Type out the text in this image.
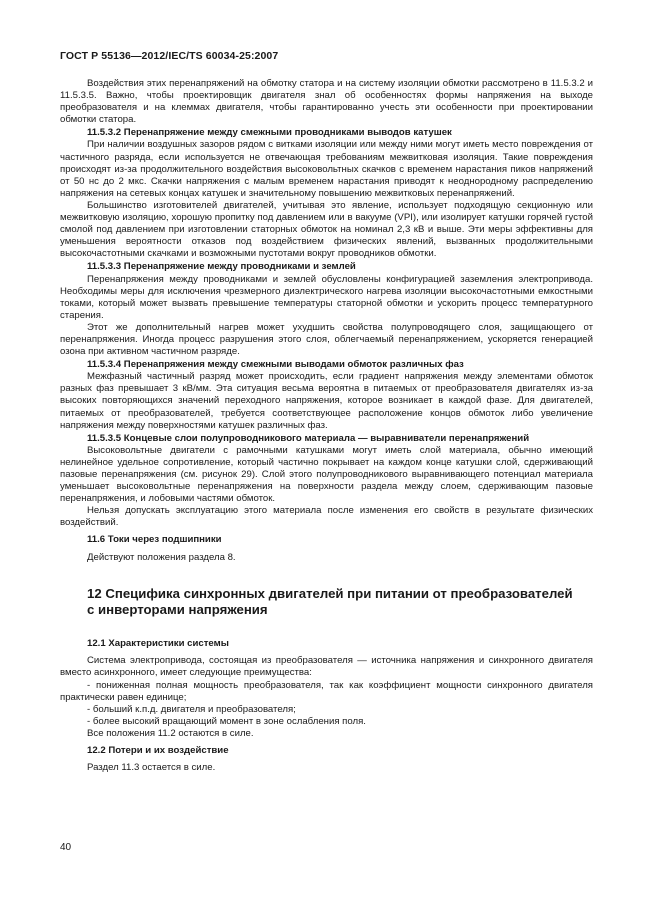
ГОСТ Р 55136—2012/IEC/TS 60034-25:2007

Воздействия этих перенапряжений на обмотку статора и на систему изоляции обмотки рассмотрено в 11.5.3.2 и 11.5.3.5. Важно, чтобы проектировщик двигателя знал об особенностях формы напряжения на выходе преобразователя и на клеммах двигателя, чтобы гарантированно учесть эти особенности при проектировании обмотки статора.

11.5.3.2 Перенапряжение между смежными проводниками выводов катушек

При наличии воздушных зазоров рядом с витками изоляции или между ними могут иметь место повреждения от частичного разряда, если используется не отвечающая требованиям межвитковая изоляция. Такие повреждения происходят из-за продолжительного воздействия высоковольтных скачков с временем нарастания пиков напряжений от 50 нс до 2 мкс. Скачки напряжения с малым временем нарастания приводят к неоднородному распределению напряжения на сетевых концах катушек и значительному повышению межвитковых перенапряжений.

Большинство изготовителей двигателей, учитывая это явление, использует подходящую секционную или межвитковую изоляцию, хорошую пропитку под давлением или в вакууме (VPI), или изолирует катушки горячей густой смолой под давлением при изготовлении статорных обмоток на номинал 2,3 кВ и выше. Эти меры эффективны для уменьшения вероятности отказов под воздействием физических явлений, вызванных продолжительными высокочастотными скачками и возможными пустотами вокруг проводников обмотки.

11.5.3.3 Перенапряжение между проводниками и землей

Перенапряжения между проводниками и землей обусловлены конфигурацией заземления электропривода. Необходимы меры для исключения чрезмерного диэлектрического нагрева изоляции высокочастотными емкостными токами, который может вызвать превышение температуры статорной обмотки и ускорить процесс температурного старения.

Этот же дополнительный нагрев может ухудшить свойства полупроводящего слоя, защищающего от перенапряжения. Иногда процесс разрушения этого слоя, облегчаемый перенапряжением, ускоряется генерацией озона при активном частичном разряде.

11.5.3.4 Перенапряжения между смежными выводами обмоток различных фаз

Межфазный частичный разряд может происходить, если градиент напряжения между элементами обмоток разных фаз превышает 3 кВ/мм. Эта ситуация весьма вероятна в питаемых от преобразователя двигателях из-за высоких повторяющихся значений переходного напряжения, которое возникает в каждой фазе. Для двигателей, питаемых от преобразователей, требуется соответствующее расположение концов обмоток либо увеличение напряжения между поверхностями катушек различных фаз.

11.5.3.5 Концевые слои полупроводникового материала — выравниватели перенапряжений

Высоковольтные двигатели с рамочными катушками могут иметь слой материала, обычно имеющий нелинейное удельное сопротивление, который частично покрывает на каждом конце катушки слой, сдерживающий пазовые перенапряжения (см. рисунок 29). Слой этого полупроводникового выравнивающего потенциал материала уменьшает высоковольтные перенапряжения на поверхности раздела между слоем, сдерживающим пазовые перенапряжения, и лобовыми частями обмоток.

Нельзя допускать эксплуатацию этого материала после изменения его свойств в результате физических воздействий.

11.6 Токи через подшипники

Действуют положения раздела 8.

12 Специфика синхронных двигателей при питании от преобразователей
с инверторами напряжения

12.1 Характеристики системы

Система электропривода, состоящая из преобразователя — источника напряжения и синхронного двигателя вместо асинхронного, имеет следующие преимущества:

- пониженная полная мощность преобразователя, так как коэффициент мощности синхронного двигателя практически равен единице;

- больший к.п.д. двигателя и преобразователя;

- более высокий вращающий момент в зоне ослабления поля.

Все положения 11.2 остаются в силе.

12.2 Потери и их воздействие

Раздел 11.3 остается в силе.

40
